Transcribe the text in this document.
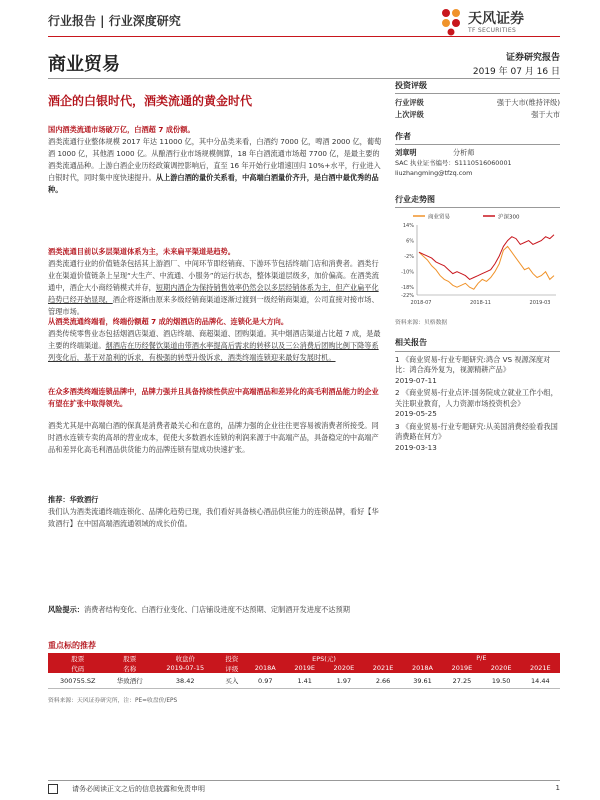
行业报告 | 行业深度研究	天风证券
TF SECURITIES
商业贸易	证券研究报告
2019 年 07 月 16 日
酒企的白银时代，酒类流通的黄金时代

国内酒类流通市场破万亿，白酒超 7 成份额。

酒类流通行业整体规模 2017 年达 11000 亿，其中分品类来看，白酒约 7000 亿，啤酒 2000 亿，葡萄酒 1000 亿，其他酒 1000 亿。从酿酒行业市场规模侧算，18 年白酒流通市场超 7700 亿，是最主要的酒类流通品种。上游白酒企业历经政策调控影响后，直至 16 年开始行业增速回归 10%+水平，行业进入白银时代，同时集中度快速提升。从上游白酒的量价关系看，中高端白酒量价齐升，是白酒中最优秀的品种。

酒类流通目前以多层渠道体系为主，未来扁平渠道是趋势。

酒类流通行业的价值链条包括其上游酒厂、中间环节即经销商、下游环节包括终端门店和消费者。酒类行业在渠道价值链条上呈现“大生产、中流通、小服务”的运行状态，整体渠道层级多，加价偏高。在酒类流通中，酒企大小商经销模式并存，短期内酒企为保持销售效率仍然会以多层经销体系为主，但产业扁平化趋势已经开始显现，酒企将逐渐由原来多级经销商渠道逐渐过渡到一级经销商渠道，公司直接对接市场、管理市场。

从酒类流通终端看，终端份额超 7 成的烟酒店的品牌化、连锁化是大方向。

酒类传统零售业态包括烟酒店渠道、酒店终端、商超渠道、团购渠道。其中烟酒店渠道占比超 7 成，是最主要的终端渠道。烟酒店在历经餐饮渠道由带酒水率提高后需求的转移以及三公消费后团购比例下降等系列变化后，基于对盈利的诉求，有极强的转型升级诉求，酒类终端连锁迎来最好发展时机。

在众多酒类终端连锁品牌中，品牌力强并且具备持续性供应中高端酒品和差异化的高毛利酒品能力的企业有望在扩张中取得领先。

酒类尤其是中高端白酒的保真是消费者最关心和在意的，品牌力强的企业往往更容易被消费者所接受。同时酒水连锁专卖的高昂的营业成本，促使大多数酒水连锁的利润来源于中高端产品，具备稳定的中高端产品和差异化高毛利酒品供货能力的品牌连锁有望成功快速扩张。

推荐：华致酒行

我们认为酒类流通终端连锁化、品牌化趋势已现，我们看好具备核心酒品供应能力的连锁品牌，看好【华致酒行】在中国高端酒流通领域的成长价值。

风险提示：消费者结构变化、白酒行业变化、门店铺设进度不达预期、定制酒开发进度不达预期

投资评级
行业评级	强于大市(维持评级)
上次评级	强于大市
作者
刘章明	分析师
SAC 执业证书编号：S1110516060001
liuzhangming@tfzq.com
行业走势图
商业贸易	沪深300
14%
6%
-2%
-10%
-18%
-22%
2018-07	2018-11	2019-03
资料来源：贝格数据
相关报告
1 《商业贸易-行业专题研究:鸿合 VS 视源深度对比：鸿合海外复为，视源精耕产品》
2019-07-11
2 《商业贸易-行业点评:国务院成立就业工作小组，关注职业教育，人力资源市场投资机会》
2019-05-25
3 《商业贸易-行业专题研究:从美国消费经验看我国消费路在何方》
2019-03-13
重点标的推荐
股票	股票	收盘价	投资	EPS(元)				P/E			
代码	名称	2019-07-15	评级	2018A	2019E	2020E	2021E	2018A	2019E	2020E	2021E
300755.SZ	华致酒行	38.42	买入	0.97	1.41	1.97	2.66	39.61	27.25	19.50	14.44
资料来源：天风证券研究所，注：PE=收盘价/EPS
请务必阅读正文之后的信息披露和免责申明	1
